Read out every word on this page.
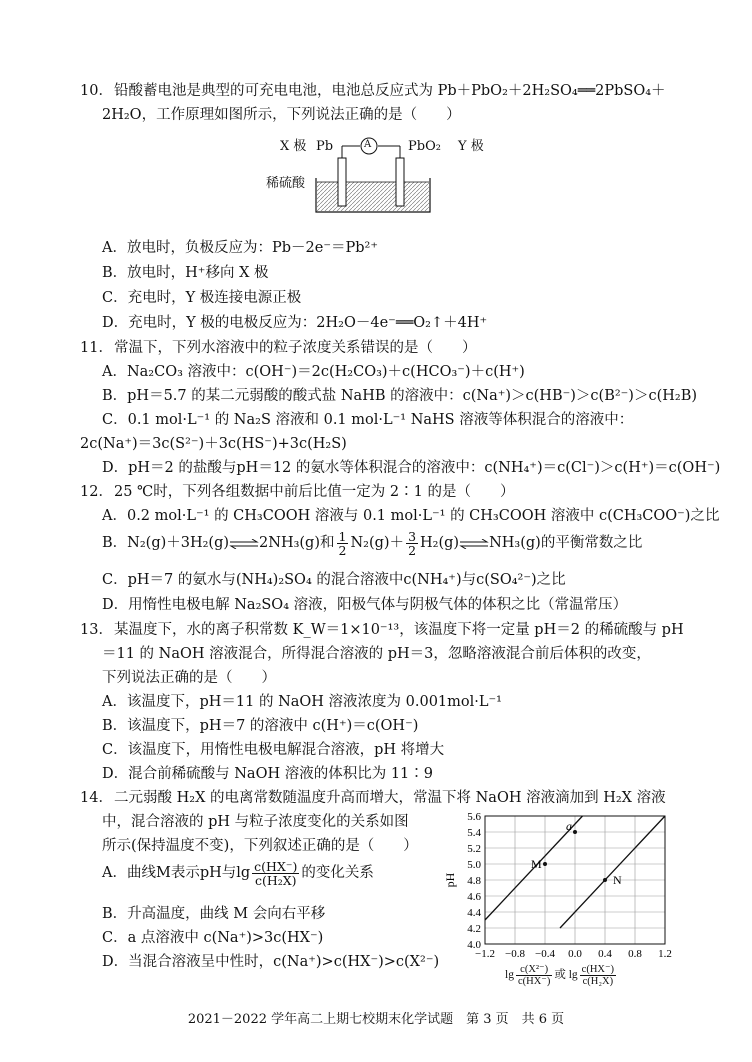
10． 铅酸蓄电池是典型的可充电电池，电池总反应式为 Pb＋PbO₂＋2H₂SO₄══2PbSO₄＋
2H₂O，工作原理如图所示，下列说法正确的是（　　）
X 极 Pb	A	PbO₂ Y 极
稀硫酸
A．放电时，负极反应为：Pb－2e⁻＝Pb²⁺
B．放电时，H⁺移向 X 极
C．充电时，Y 极连接电源正极
D．充电时，Y 极的电极反应为：2H₂O－4e⁻══O₂↑＋4H⁺
11． 常温下，下列水溶液中的粒子浓度关系错误的是（　　）
A．Na₂CO₃ 溶液中：c(OH⁻)＝2c(H₂CO₃)＋c(HCO₃⁻)＋c(H⁺)
B．pH＝5.7 的某二元弱酸的酸式盐 NaHB 的溶液中：c(Na⁺)＞c(HB⁻)＞c(B²⁻)＞c(H₂B)
C．0.1 mol·L⁻¹ 的 Na₂S 溶液和 0.1 mol·L⁻¹ NaHS 溶液等体积混合的溶液中：
2c(Na⁺)＝3c(S²⁻)＋3c(HS⁻)+3c(H₂S)
D．pH＝2 的盐酸与pH＝12 的氨水等体积混合的溶液中：c(NH₄⁺)＝c(Cl⁻)＞c(H⁺)＝c(OH⁻)
12． 25 ℃时，下列各组数据中前后比值一定为 2∶1 的是（　　）
A．0.2 mol·L⁻¹ 的 CH₃COOH 溶液与 0.1 mol·L⁻¹ 的 CH₃COOH 溶液中 c(CH₃COO⁻)之比
B．N₂(g)＋3H₂(g) ⇌ 2NH₃(g)和 $\frac{1}{2} N_2(g)+ \frac{3}{2} H_2(g)$ ⇌ NH₃(g)的平衡常数之比
C．pH＝7 的氨水与(NH₄)₂SO₄ 的混合溶液中c(NH₄⁺)与c(SO₄²⁻)之比
D．用惰性电极电解 Na₂SO₄ 溶液，阳极气体与阴极气体的体积之比（常温常压）
13． 某温度下，水的离子积常数 K_W＝1×10⁻¹³，该温度下将一定量 pH＝2 的稀硫酸与 pH
＝11 的 NaOH 溶液混合，所得混合溶液的 pH＝3，忽略溶液混合前后体积的改变，
下列说法正确的是（　　）
A．该温度下，pH＝11 的 NaOH 溶液浓度为 0.001mol·L⁻¹
B．该温度下，pH＝7 的溶液中 c(H⁺)＝c(OH⁻)
C．该温度下，用惰性电极电解混合溶液，pH 将增大
D．混合前稀硫酸与 NaOH 溶液的体积比为 11∶9
14． 二元弱酸 H₂X 的电离常数随温度升高而增大，常温下将 NaOH 溶液滴加到 H₂X 溶液
中，混合溶液的 pH 与粒子浓度变化的关系如图
所示(保持温度不变)，下列叙述正确的是（　　）
A．曲线M表示pH与$\lg \frac{c(HX^-)}{\text{c(H₂X)}}$ 的变化关系
B．升高温度，曲线 M 会向右平移
C．a 点溶液中 c(Na⁺)>3c(HX⁻)
D．当混合溶液呈中性时，c(Na⁺)>c(HX⁻)>c(X²⁻)
4.0
4.2
4.4
4.6
4.8
5.0
5.2
5.4
5.6
−1.2 −0.8 −0.4 0.0 0.4 0.8 1.2
pH
a
M
N
$\lg \frac{\text{c(X²⁻)}}{c(HX^-)}$ 或 $\lg \frac{c(HX^-)}{\text{c(H₂X)}}$
2021－2022 学年高二上期七校期末化学试题　第 3 页　共 6 页
